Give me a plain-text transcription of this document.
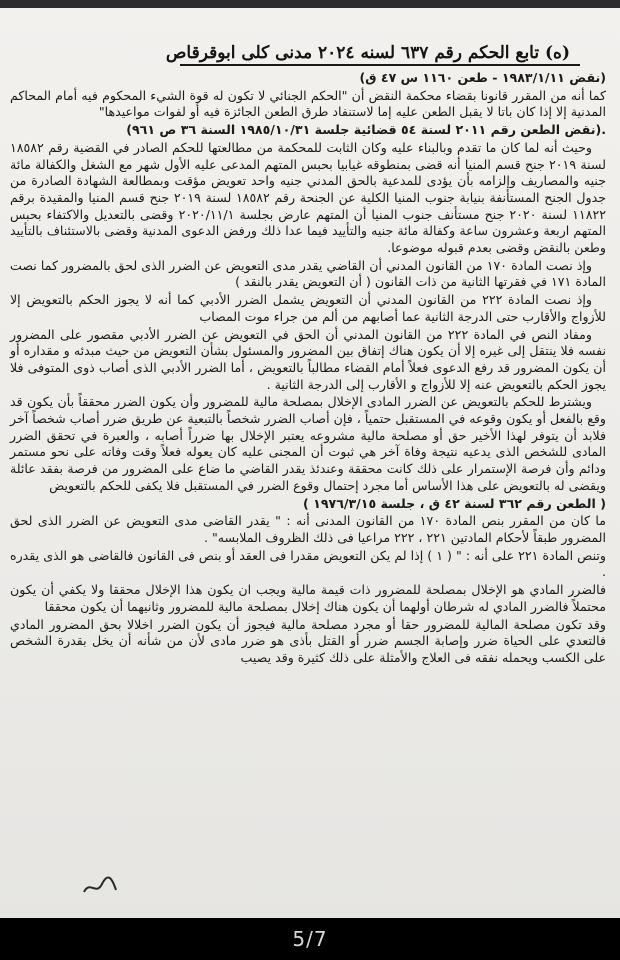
(ه) تابع الحكم رقم ٦٣٧ لسنه ٢٠٢٤ مدنى كلى ابوقرقاص

(نقض ١٩٨٣/١/١١ - طعن ١١٦٠ س ٤٧ ق)

كما أنه من المقرر قانونا بقضاء محكمة النقض أن "الحكم الجنائي لا تكون له قوة الشيء المحكوم فيه أمام المحاكم المدنية إلا إذا كان باتا لا يقبل الطعن عليه إما لاستنفاد طرق الطعن الجائزة فيه أو لفوات مواعيدها"

.(نقض الطعن رقم ٢٠١١ لسنة ٥٤ قضائية جلسة ١٩٨٥/١٠/٣١ السنة ٣٦ ص ٩٦١)

وحيث أنه لما كان ما تقدم وبالبناء عليه وكان الثابت للمحكمة من مطالعتها للحكم الصادر في القضية رقم ١٨٥٨٢ لسنة ٢٠١٩ جنح قسم المنيا أنه قضى بمنطوقه غيابيا بحبس المتهم المدعى عليه الأول شهر مع الشغل والكفالة مائة جنيه والمصاريف وإلزامه بأن يؤدى للمدعية بالحق المدني جنيه واحد تعويض مؤقت وبمطالعة الشهادة الصادرة من جدول الجنح المستأنفة بنيابة جنوب المنيا الكلية عن الجنحة رقم ١٨٥٨٢ لسنة ٢٠١٩ جنح قسم المنيا والمقيدة برقم ١١٨٢٢ لسنة ٢٠٢٠ جنح مستأنف جنوب المنيا أن المتهم عارض بجلسة ٢٠٢٠/١١/١ وقضى بالتعديل والاكتفاء بحبس المتهم اربعة وعشرون ساعة وكفالة مائة جنيه والتأييد فيما عدا ذلك ورفض الدعوى المدنية وقضى بالاستئناف بالتأييد وطعن بالنقض وقضى بعدم قبوله موضوعا.

وإذ نصت المادة ١٧٠ من القانون المدني أن القاضي يقدر مدى التعويض عن الضرر الذى لحق بالمضرور كما نصت المادة ١٧١ في فقرتها الثانية من ذات القانون ( أن التعويض يقدر بالنقد )

وإذ نصت المادة ٢٢٢ من القانون المدني أن التعويض يشمل الضرر الأدبي كما أنه لا يجوز الحكم بالتعويض إلا للأزواج والأقارب حتى الدرجة الثانية عما أصابهم من ألم من جراء موت المصاب

ومفاد النص في المادة ٢٢٢ من القانون المدني أن الحق في التعويض عن الضرر الأدبي مقصور على المضرور نفسه فلا ينتقل إلى غيره إلا أن يكون هناك إتفاق بين المضرور والمسئول بشأن التعويض من حيث مبدئه و مقداره أو أن يكون المضرور قد رفع الدعوى فعلاً أمام القضاء مطالباً بالتعويض ، أما الضرر الأدبي الذى أصاب ذوى المتوفى فلا يجوز الحكم بالتعويض عنه إلا للأزواج و الأقارب إلى الدرجة الثانية .

ويشترط للحكم بالتعويض عن الضرر المادى الإخلال بمصلحة مالية للمضرور وأن يكون الضرر محققاً بأن يكون قد وقع بالفعل أو يكون وقوعه في المستقبل حتمياً ، فإن أصاب الضرر شخصاً بالتبعية عن طريق ضرر أصاب شخصاً آخر فلابد أن يتوفر لهذا الأخير حق أو مصلحة مالية مشروعه يعتبر الإخلال بها ضرراً أصابه ، والعبرة في تحقق الضرر المادى للشخص الذى يدعيه نتيجة وفاة آخر هي ثبوت أن المجنى عليه كان يعوله فعلاً وقت وفاته على نحو مستمر ودائم وأن فرصة الإستمرار على ذلك كانت محققة وعندئذ يقدر القاضي ما ضاع على المضرور من فرصة بفقد عائلة ويقضى له بالتعويض على هذا الأساس أما مجرد إحتمال وقوع الضرر في المستقبل فلا يكفى للحكم بالتعويض

( الطعن رقم ٣٦٢ لسنة ٤٢ ق ، جلسة ١٩٧٦/٣/١٥ )

ما كان من المقرر بنص المادة ١٧٠ من القانون المدنى أنه : " يقدر القاضى مدى التعويض عن الضرر الذى لحق المضرور طبقاً لأحكام المادتين ٢٢١ ، ٢٢٢ مراعيا فى ذلك الظروف الملابسه" .

وتنص المادة ٢٢١ على أنه : " ( ١ ) إذا لم يكن التعويض مقدرا فى العقد أو بنص فى القانون فالقاضى هو الذى يقدره .

فالضرر المادي هو الإخلال بمصلحة للمضرور ذات قيمة مالية ويجب ان يكون هذا الإخلال محققا ولا يكفي أن يكون محتملاً فالضرر المادي له شرطان أولهما أن يكون هناك إخلال بمصلحة مالية للمضرور وثانيهما أن يكون محققا

وقد تكون مصلحة المالية للمضرور حقا أو مجرد مصلحة مالية فيجوز أن يكون الضرر اخلالا بحق المضرور المادي فالتعدي على الحياة ضرر وإصابة الجسم ضرر أو القتل بأذى هو ضرر مادى لأن من شأنه أن يخل بقدرة الشخص على الكسب ويحمله نفقه فى العلاج والأمثلة على ذلك كثيرة وقد يصيب

5/7
